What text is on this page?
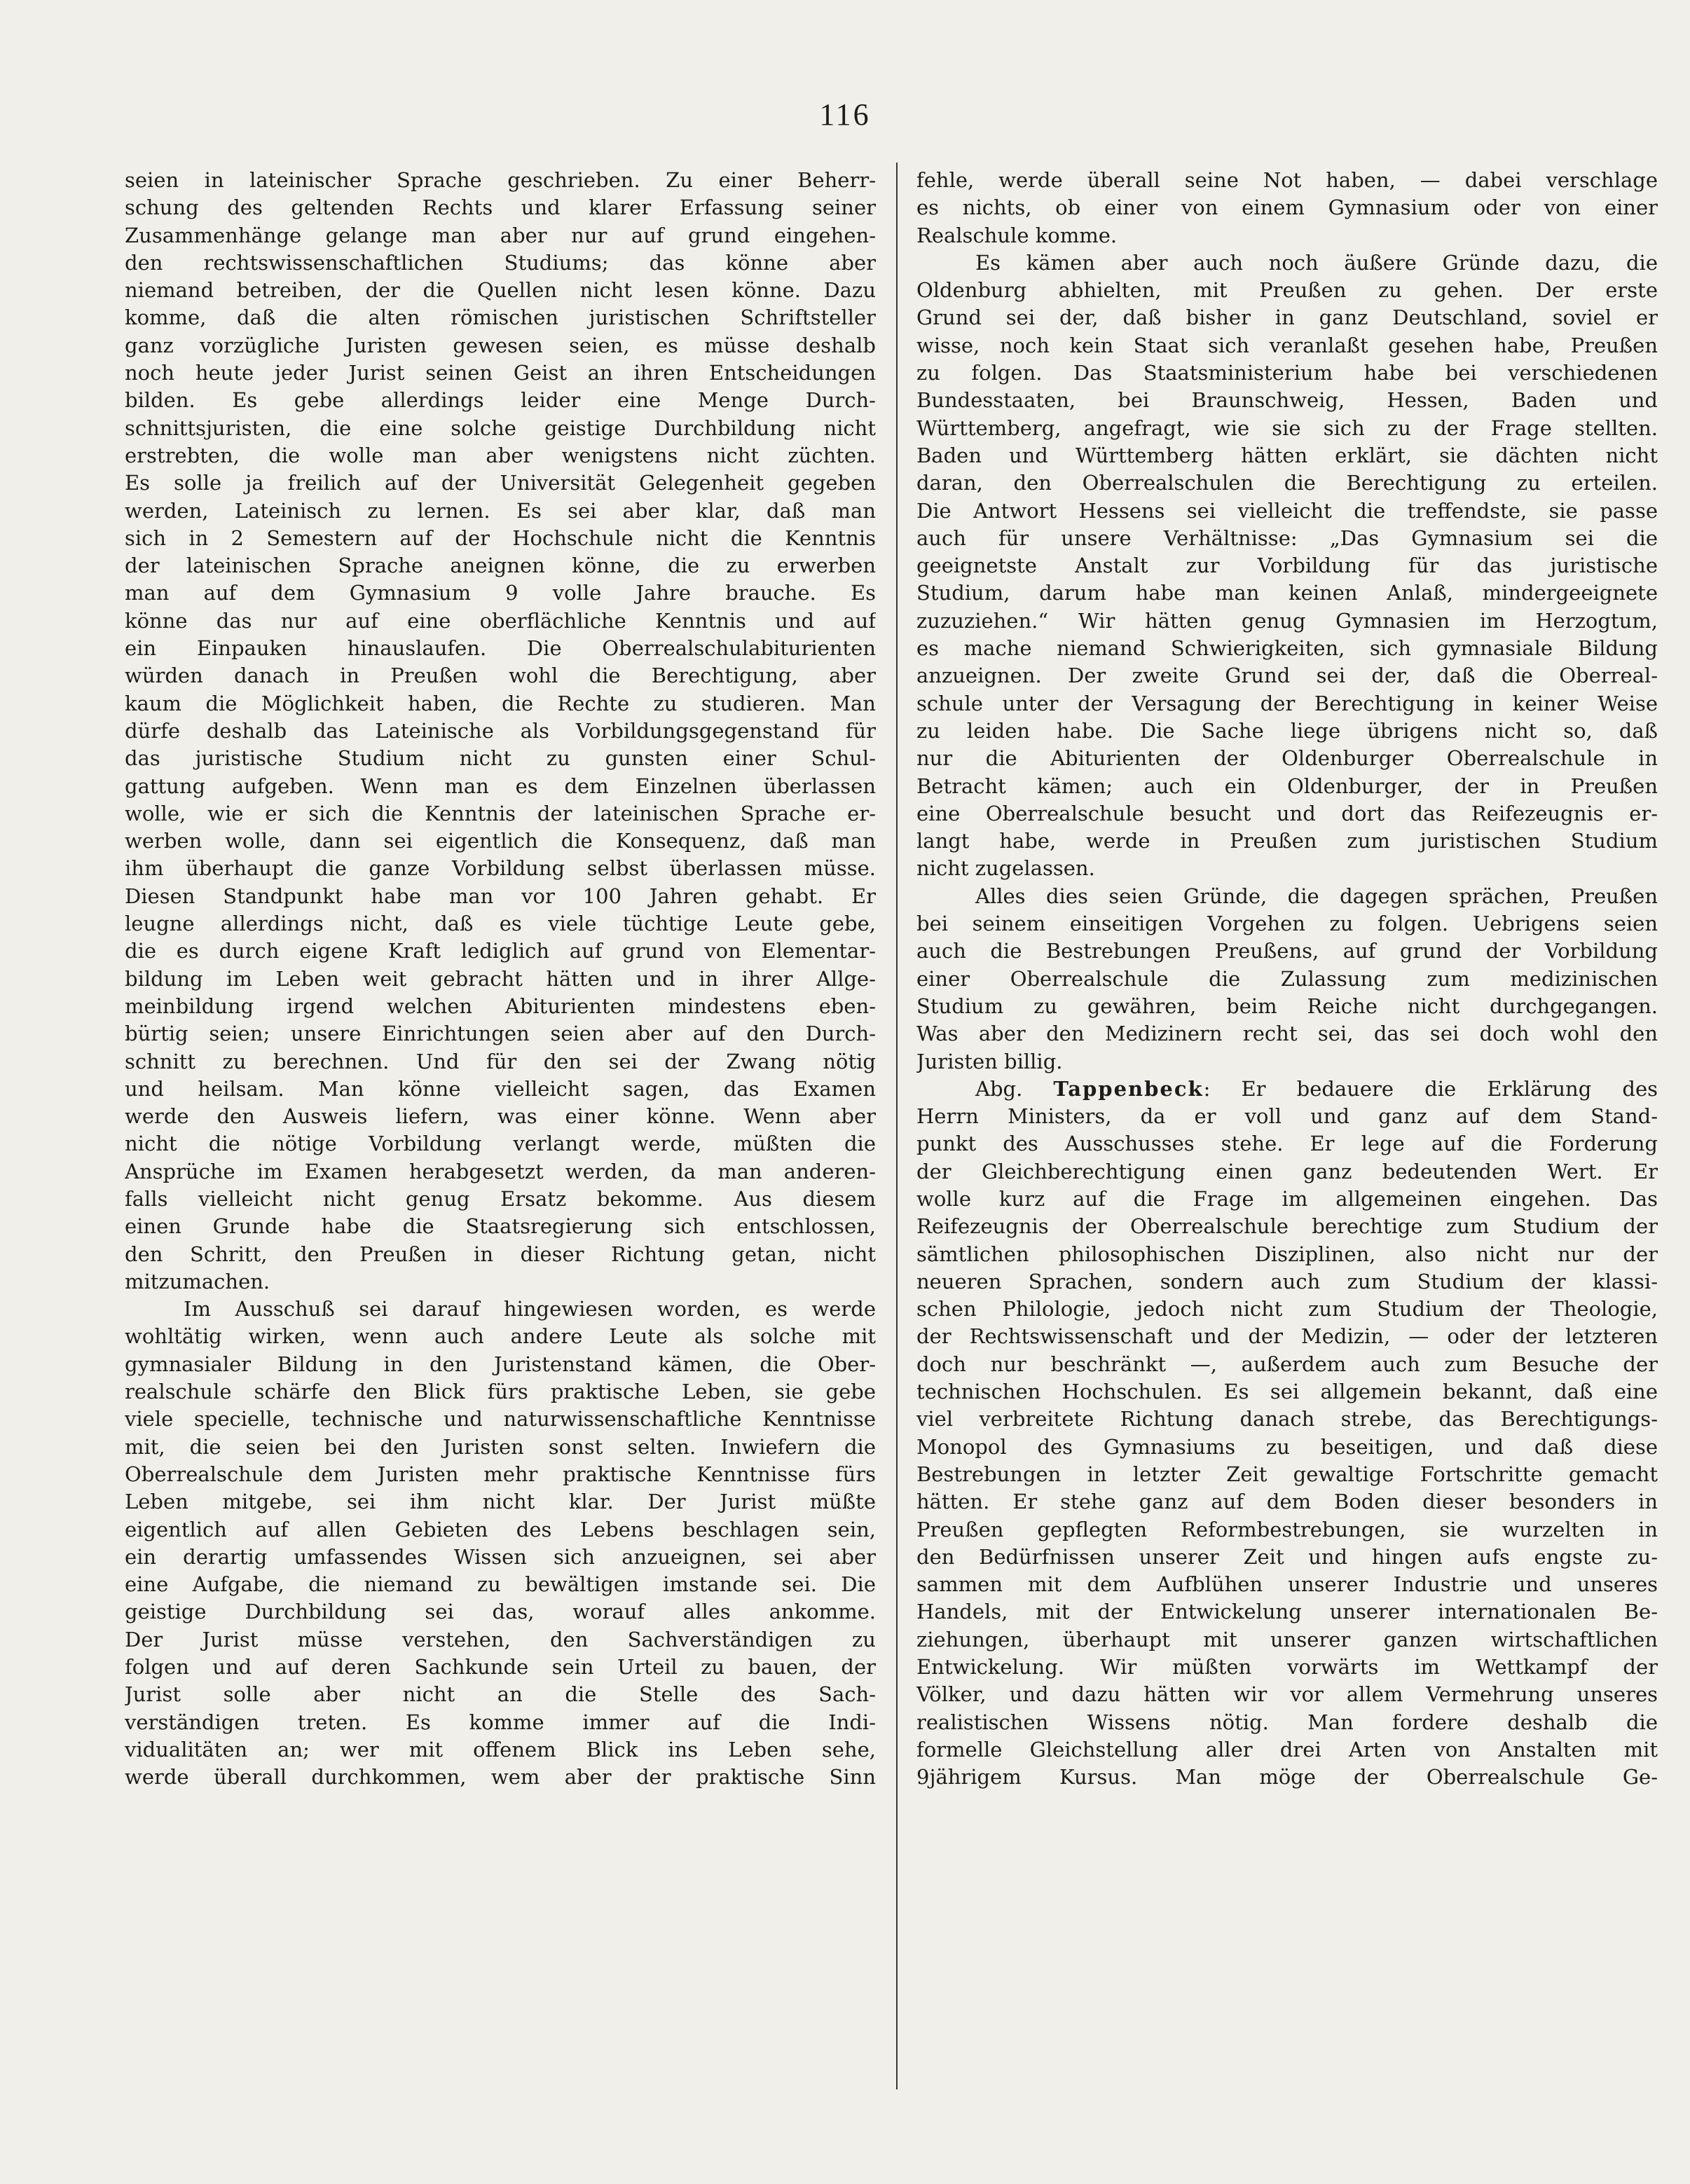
116
seien in lateinischer Sprache geschrieben. Zu einer Beherr-
schung des geltenden Rechts und klarer Erfassung seiner
Zusammenhänge gelange man aber nur auf grund eingehen-
den rechtswissenschaftlichen Studiums; das könne aber
niemand betreiben, der die Quellen nicht lesen könne. Dazu
komme, daß die alten römischen juristischen Schriftsteller
ganz vorzügliche Juristen gewesen seien, es müsse deshalb
noch heute jeder Jurist seinen Geist an ihren Entscheidungen
bilden. Es gebe allerdings leider eine Menge Durch-
schnittsjuristen, die eine solche geistige Durchbildung nicht
erstrebten, die wolle man aber wenigstens nicht züchten.
Es solle ja freilich auf der Universität Gelegenheit gegeben
werden, Lateinisch zu lernen. Es sei aber klar, daß man
sich in 2 Semestern auf der Hochschule nicht die Kenntnis
der lateinischen Sprache aneignen könne, die zu erwerben
man auf dem Gymnasium 9 volle Jahre brauche. Es
könne das nur auf eine oberflächliche Kenntnis und auf
ein Einpauken hinauslaufen. Die Oberrealschulabiturienten
würden danach in Preußen wohl die Berechtigung, aber
kaum die Möglichkeit haben, die Rechte zu studieren. Man
dürfe deshalb das Lateinische als Vorbildungsgegenstand für
das juristische Studium nicht zu gunsten einer Schul-
gattung aufgeben. Wenn man es dem Einzelnen überlassen
wolle, wie er sich die Kenntnis der lateinischen Sprache er-
werben wolle, dann sei eigentlich die Konsequenz, daß man
ihm überhaupt die ganze Vorbildung selbst überlassen müsse.
Diesen Standpunkt habe man vor 100 Jahren gehabt. Er
leugne allerdings nicht, daß es viele tüchtige Leute gebe,
die es durch eigene Kraft lediglich auf grund von Elementar-
bildung im Leben weit gebracht hätten und in ihrer Allge-
meinbildung irgend welchen Abiturienten mindestens eben-
bürtig seien; unsere Einrichtungen seien aber auf den Durch-
schnitt zu berechnen. Und für den sei der Zwang nötig
und heilsam. Man könne vielleicht sagen, das Examen
werde den Ausweis liefern, was einer könne. Wenn aber
nicht die nötige Vorbildung verlangt werde, müßten die
Ansprüche im Examen herabgesetzt werden, da man anderen-
falls vielleicht nicht genug Ersatz bekomme. Aus diesem
einen Grunde habe die Staatsregierung sich entschlossen,
den Schritt, den Preußen in dieser Richtung getan, nicht
mitzumachen.
Im Ausschuß sei darauf hingewiesen worden, es werde
wohltätig wirken, wenn auch andere Leute als solche mit
gymnasialer Bildung in den Juristenstand kämen, die Ober-
realschule schärfe den Blick fürs praktische Leben, sie gebe
viele specielle, technische und naturwissenschaftliche Kenntnisse
mit, die seien bei den Juristen sonst selten. Inwiefern die
Oberrealschule dem Juristen mehr praktische Kenntnisse fürs
Leben mitgebe, sei ihm nicht klar. Der Jurist müßte
eigentlich auf allen Gebieten des Lebens beschlagen sein,
ein derartig umfassendes Wissen sich anzueignen, sei aber
eine Aufgabe, die niemand zu bewältigen imstande sei. Die
geistige Durchbildung sei das, worauf alles ankomme.
Der Jurist müsse verstehen, den Sachverständigen zu
folgen und auf deren Sachkunde sein Urteil zu bauen, der
Jurist solle aber nicht an die Stelle des Sach-
verständigen treten. Es komme immer auf die Indi-
vidualitäten an; wer mit offenem Blick ins Leben sehe,
werde überall durchkommen, wem aber der praktische Sinn
fehle, werde überall seine Not haben, — dabei verschlage
es nichts, ob einer von einem Gymnasium oder von einer
Realschule komme.
Es kämen aber auch noch äußere Gründe dazu, die
Oldenburg abhielten, mit Preußen zu gehen. Der erste
Grund sei der, daß bisher in ganz Deutschland, soviel er
wisse, noch kein Staat sich veranlaßt gesehen habe, Preußen
zu folgen. Das Staatsministerium habe bei verschiedenen
Bundesstaaten, bei Braunschweig, Hessen, Baden und
Württemberg, angefragt, wie sie sich zu der Frage stellten.
Baden und Württemberg hätten erklärt, sie dächten nicht
daran, den Oberrealschulen die Berechtigung zu erteilen.
Die Antwort Hessens sei vielleicht die treffendste, sie passe
auch für unsere Verhältnisse: „Das Gymnasium sei die
geeignetste Anstalt zur Vorbildung für das juristische
Studium, darum habe man keinen Anlaß, mindergeeignete
zuzuziehen.“ Wir hätten genug Gymnasien im Herzogtum,
es mache niemand Schwierigkeiten, sich gymnasiale Bildung
anzueignen. Der zweite Grund sei der, daß die Oberreal-
schule unter der Versagung der Berechtigung in keiner Weise
zu leiden habe. Die Sache liege übrigens nicht so, daß
nur die Abiturienten der Oldenburger Oberrealschule in
Betracht kämen; auch ein Oldenburger, der in Preußen
eine Oberrealschule besucht und dort das Reifezeugnis er-
langt habe, werde in Preußen zum juristischen Studium
nicht zugelassen.
Alles dies seien Gründe, die dagegen sprächen, Preußen
bei seinem einseitigen Vorgehen zu folgen. Uebrigens seien
auch die Bestrebungen Preußens, auf grund der Vorbildung
einer Oberrealschule die Zulassung zum medizinischen
Studium zu gewähren, beim Reiche nicht durchgegangen.
Was aber den Medizinern recht sei, das sei doch wohl den
Juristen billig.
Abg. Tappenbeck: Er bedauere die Erklärung des
Herrn Ministers, da er voll und ganz auf dem Stand-
punkt des Ausschusses stehe. Er lege auf die Forderung
der Gleichberechtigung einen ganz bedeutenden Wert. Er
wolle kurz auf die Frage im allgemeinen eingehen. Das
Reifezeugnis der Oberrealschule berechtige zum Studium der
sämtlichen philosophischen Disziplinen, also nicht nur der
neueren Sprachen, sondern auch zum Studium der klassi-
schen Philologie, jedoch nicht zum Studium der Theologie,
der Rechtswissenschaft und der Medizin, — oder der letzteren
doch nur beschränkt —, außerdem auch zum Besuche der
technischen Hochschulen. Es sei allgemein bekannt, daß eine
viel verbreitete Richtung danach strebe, das Berechtigungs-
Monopol des Gymnasiums zu beseitigen, und daß diese
Bestrebungen in letzter Zeit gewaltige Fortschritte gemacht
hätten. Er stehe ganz auf dem Boden dieser besonders in
Preußen gepflegten Reformbestrebungen, sie wurzelten in
den Bedürfnissen unserer Zeit und hingen aufs engste zu-
sammen mit dem Aufblühen unserer Industrie und unseres
Handels, mit der Entwickelung unserer internationalen Be-
ziehungen, überhaupt mit unserer ganzen wirtschaftlichen
Entwickelung. Wir müßten vorwärts im Wettkampf der
Völker, und dazu hätten wir vor allem Vermehrung unseres
realistischen Wissens nötig. Man fordere deshalb die
formelle Gleichstellung aller drei Arten von Anstalten mit
9jährigem Kursus. Man möge der Oberrealschule Ge-
